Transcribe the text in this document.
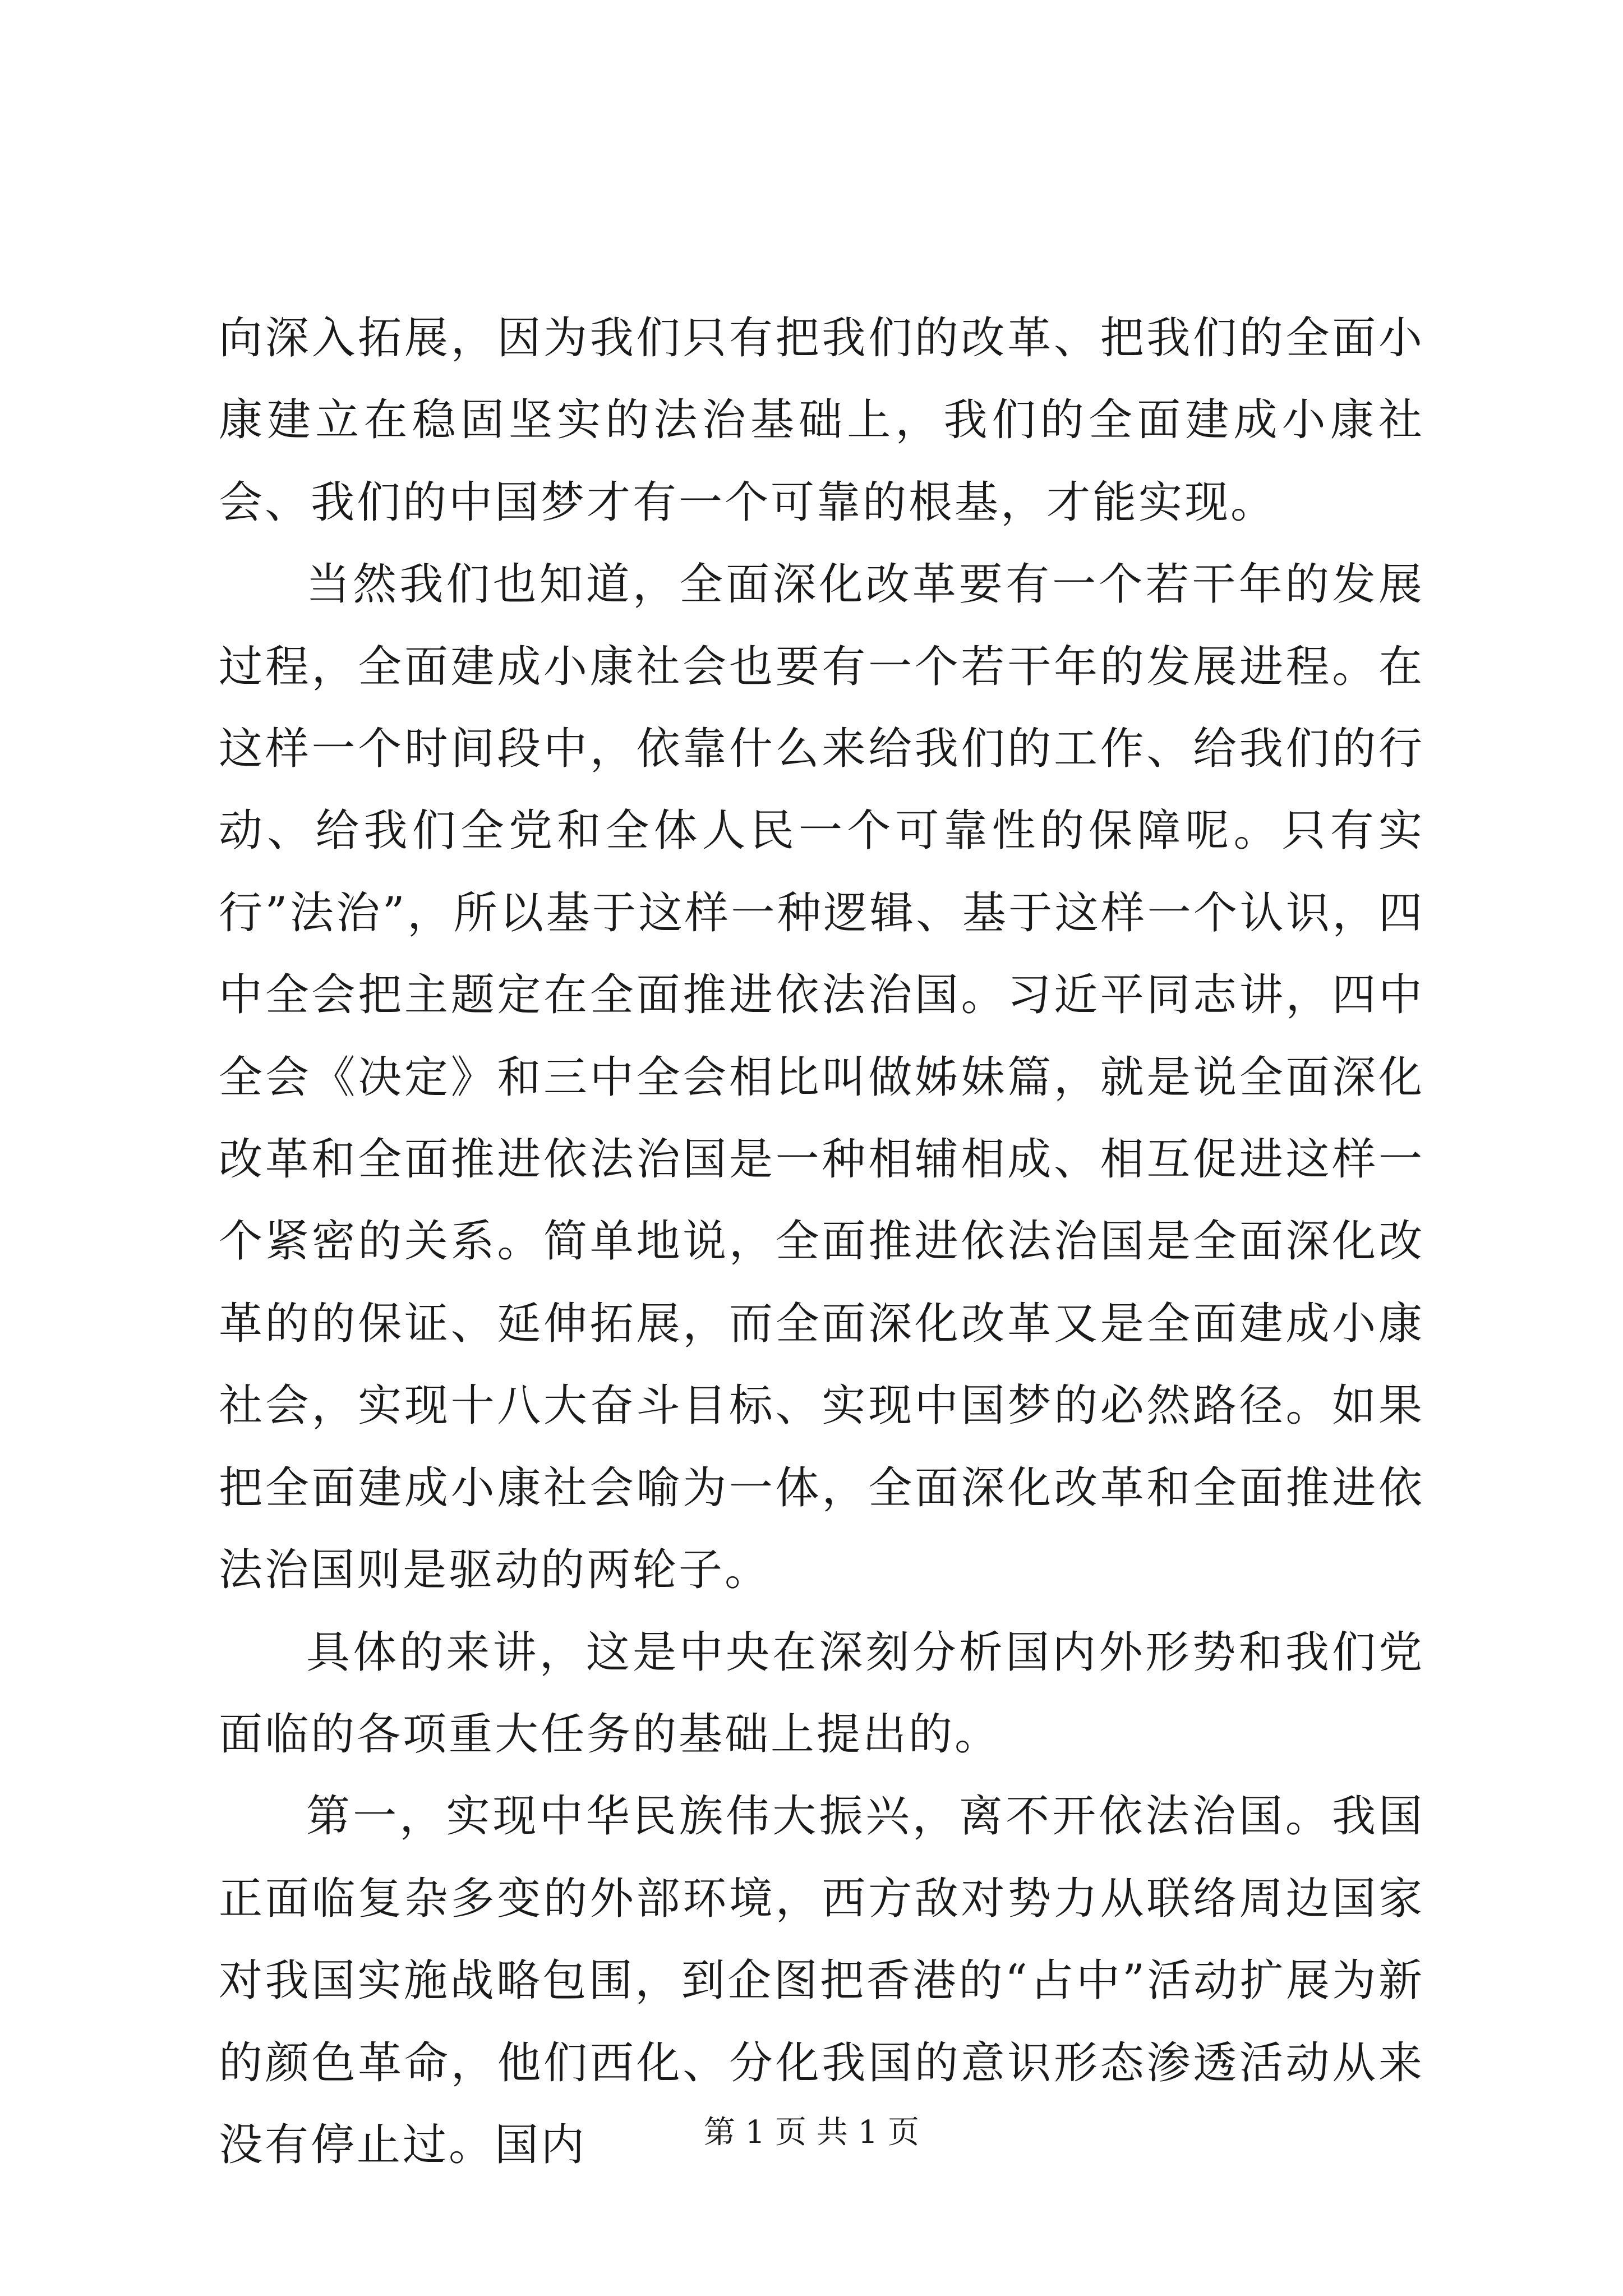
向深入拓展，因为我们只有把我们的改革、把我们的全面小康建立在稳固坚实的法治基础上，我们的全面建成小康社会、我们的中国梦才有一个可靠的根基，才能实现。

当然我们也知道，全面深化改革要有一个若干年的发展过程，全面建成小康社会也要有一个若干年的发展进程。在这样一个时间段中，依靠什么来给我们的工作、给我们的行动、给我们全党和全体人民一个可靠性的保障呢。只有实行”法治”，所以基于这样一种逻辑、基于这样一个认识，四中全会把主题定在全面推进依法治国。习近平同志讲，四中全会《决定》和三中全会相比叫做姊妹篇，就是说全面深化改革和全面推进依法治国是一种相辅相成、相互促进这样一个紧密的关系。简单地说，全面推进依法治国是全面深化改革的的保证、延伸拓展，而全面深化改革又是全面建成小康社会，实现十八大奋斗目标、实现中国梦的必然路径。如果把全面建成小康社会喻为一体，全面深化改革和全面推进依法治国则是驱动的两轮子。

具体的来讲，这是中央在深刻分析国内外形势和我们党面临的各项重大任务的基础上提出的。

第一，实现中华民族伟大振兴，离不开依法治国。我国正面临复杂多变的外部环境，西方敌对势力从联络周边国家对我国实施战略包围，到企图把香港的“占中”活动扩展为新的颜色革命，他们西化、分化我国的意识形态渗透活动从来没有停止过。国内	第 1 页 共 1 页
